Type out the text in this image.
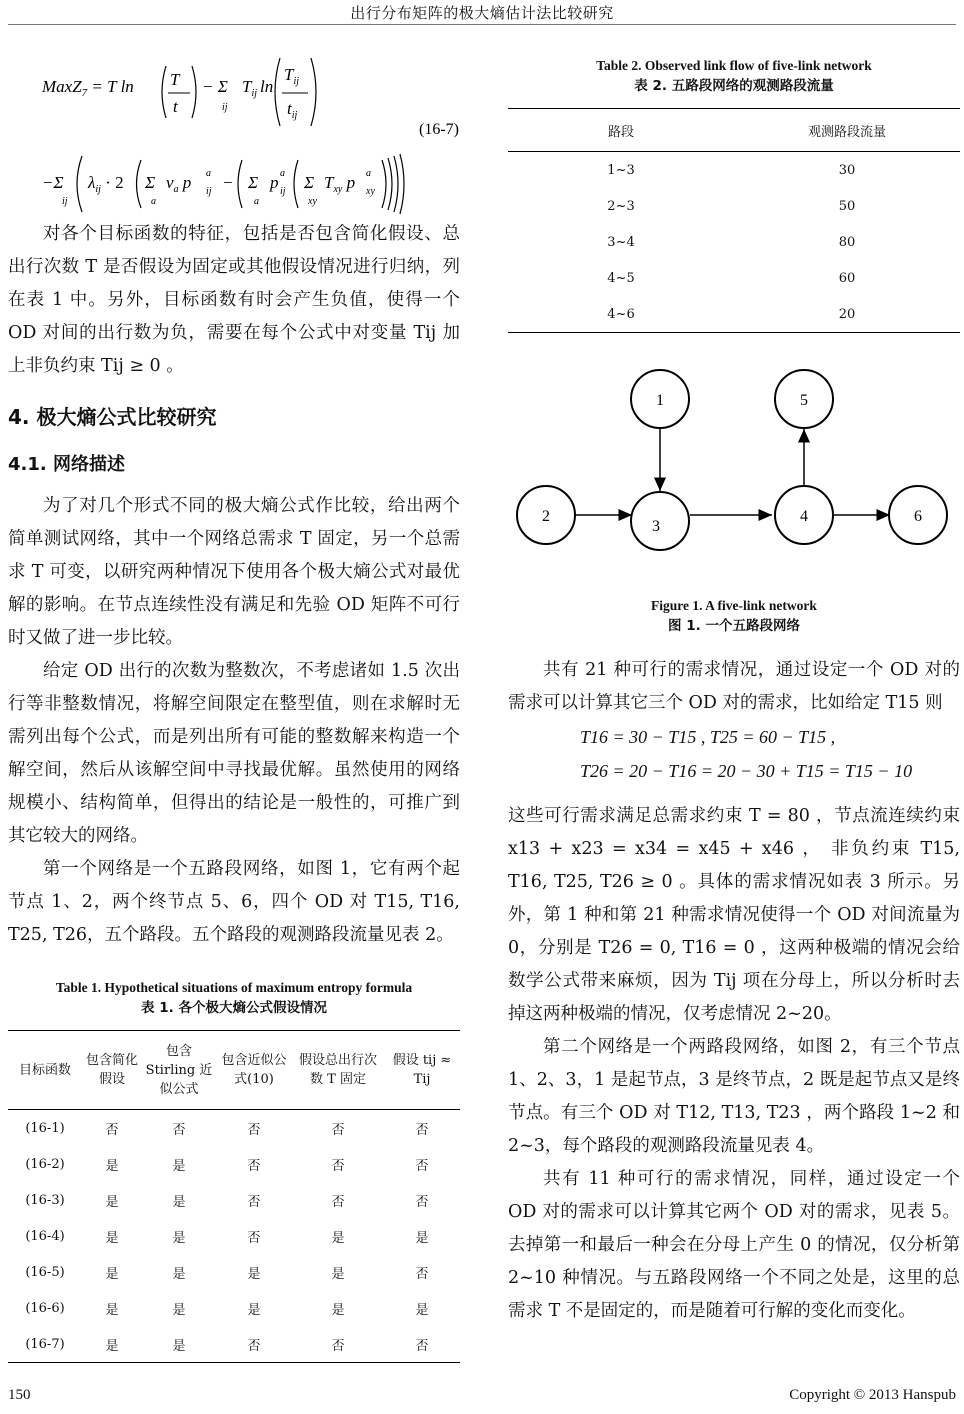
出行分布矩阵的极大熵估计法比较研究
MaxZ$_7$ = T ln T
t
− Σ
ij
$T_{ij}$ ln
$T_{ij}$
$t_{ij}$
−Σ
ij
$\lambda_{ij} \cdot 2$ Σ
a
$v_a$ p a
ij − Σ
a
p a
ij Σ
xy
$T_{xy}$ p a
xy
(16-7)

对各个目标函数的特征，包括是否包含简化假设、总出行次数 T 是否假设为固定或其他假设情况进行归纳，列在表 1 中。另外，目标函数有时会产生负值，使得一个 OD 对间的出行数为负，需要在每个公式中对变量 Tij 加上非负约束 Tij ≥ 0 。

4. 极大熵公式比较研究
4.1. 网络描述

为了对几个形式不同的极大熵公式作比较，给出两个简单测试网络，其中一个网络总需求 T 固定，另一个总需求 T 可变，以研究两种情况下使用各个极大熵公式对最优解的影响。在节点连续性没有满足和先验 OD 矩阵不可行时又做了进一步比较。

给定 OD 出行的次数为整数次，不考虑诸如 1.5 次出行等非整数情况，将解空间限定在整型值，则在求解时无需列出每个公式，而是列出所有可能的整数解来构造一个解空间，然后从该解空间中寻找最优解。虽然使用的网络规模小、结构简单，但得出的结论是一般性的，可推广到其它较大的网络。

第一个网络是一个五路段网络，如图 1，它有两个起节点 1、2，两个终节点 5、6，四个 OD 对 T15, T16, T25, T26，五个路段。五个路段的观测路段流量见表 2。

Table 1. Hypothetical situations of maximum entropy formula
表 1. 各个极大熵公式假设情况
目标函数	包含简化假设	包含 Stirling 近似公式	包含近似公式(10)	假设总出行次数 T 固定	假设 tij ≈ Tij
(16-1)	否	否	否	否	否
(16-2)	是	是	否	否	否
(16-3)	是	是	否	否	否
(16-4)	是	是	否	是	是
(16-5)	是	是	是	是	否
(16-6)	是	是	是	是	是
(16-7)	是	是	否	否	否
Table 2. Observed link flow of five-link network
表 2. 五路段网络的观测路段流量
路段	观测路段流量
1~3	30
2~3	50
3~4	80
4~5	60
4~6	20
1
2
3
4
5
6
Figure 1. A five-link network
图 1. 一个五路段网络

共有 21 种可行的需求情况，通过设定一个 OD 对的需求可以计算其它三个 OD 对的需求，比如给定 T15 则

T16 = 30 − T15 , T25 = 60 − T15 ,
T26 = 20 − T16 = 20 − 30 + T15 = T15 − 10

这些可行需求满足总需求约束 T = 80 ，节点流连续约束 x13 + x23 = x34 = x45 + x46 ， 非负约束 T15, T16, T25, T26 ≥ 0 。具体的需求情况如表 3 所示。另外，第 1 种和第 21 种需求情况使得一个 OD 对间流量为 0，分别是 T26 = 0, T16 = 0 ，这两种极端的情况会给数学公式带来麻烦，因为 Tij 项在分母上，所以分析时去掉这两种极端的情况，仅考虑情况 2~20。

第二个网络是一个两路段网络，如图 2，有三个节点 1、2、3，1 是起节点，3 是终节点，2 既是起节点又是终节点。有三个 OD 对 T12, T13, T23 ，两个路段 1~2 和 2~3，每个路段的观测路段流量见表 4。

共有 11 种可行的需求情况，同样，通过设定一个 OD 对的需求可以计算其它两个 OD 对的需求，见表 5。去掉第一和最后一种会在分母上产生 0 的情况，仅分析第 2~10 种情况。与五路段网络一个不同之处是，这里的总需求 T 不是固定的，而是随着可行解的变化而变化。

150	Copyright © 2013 Hanspub
